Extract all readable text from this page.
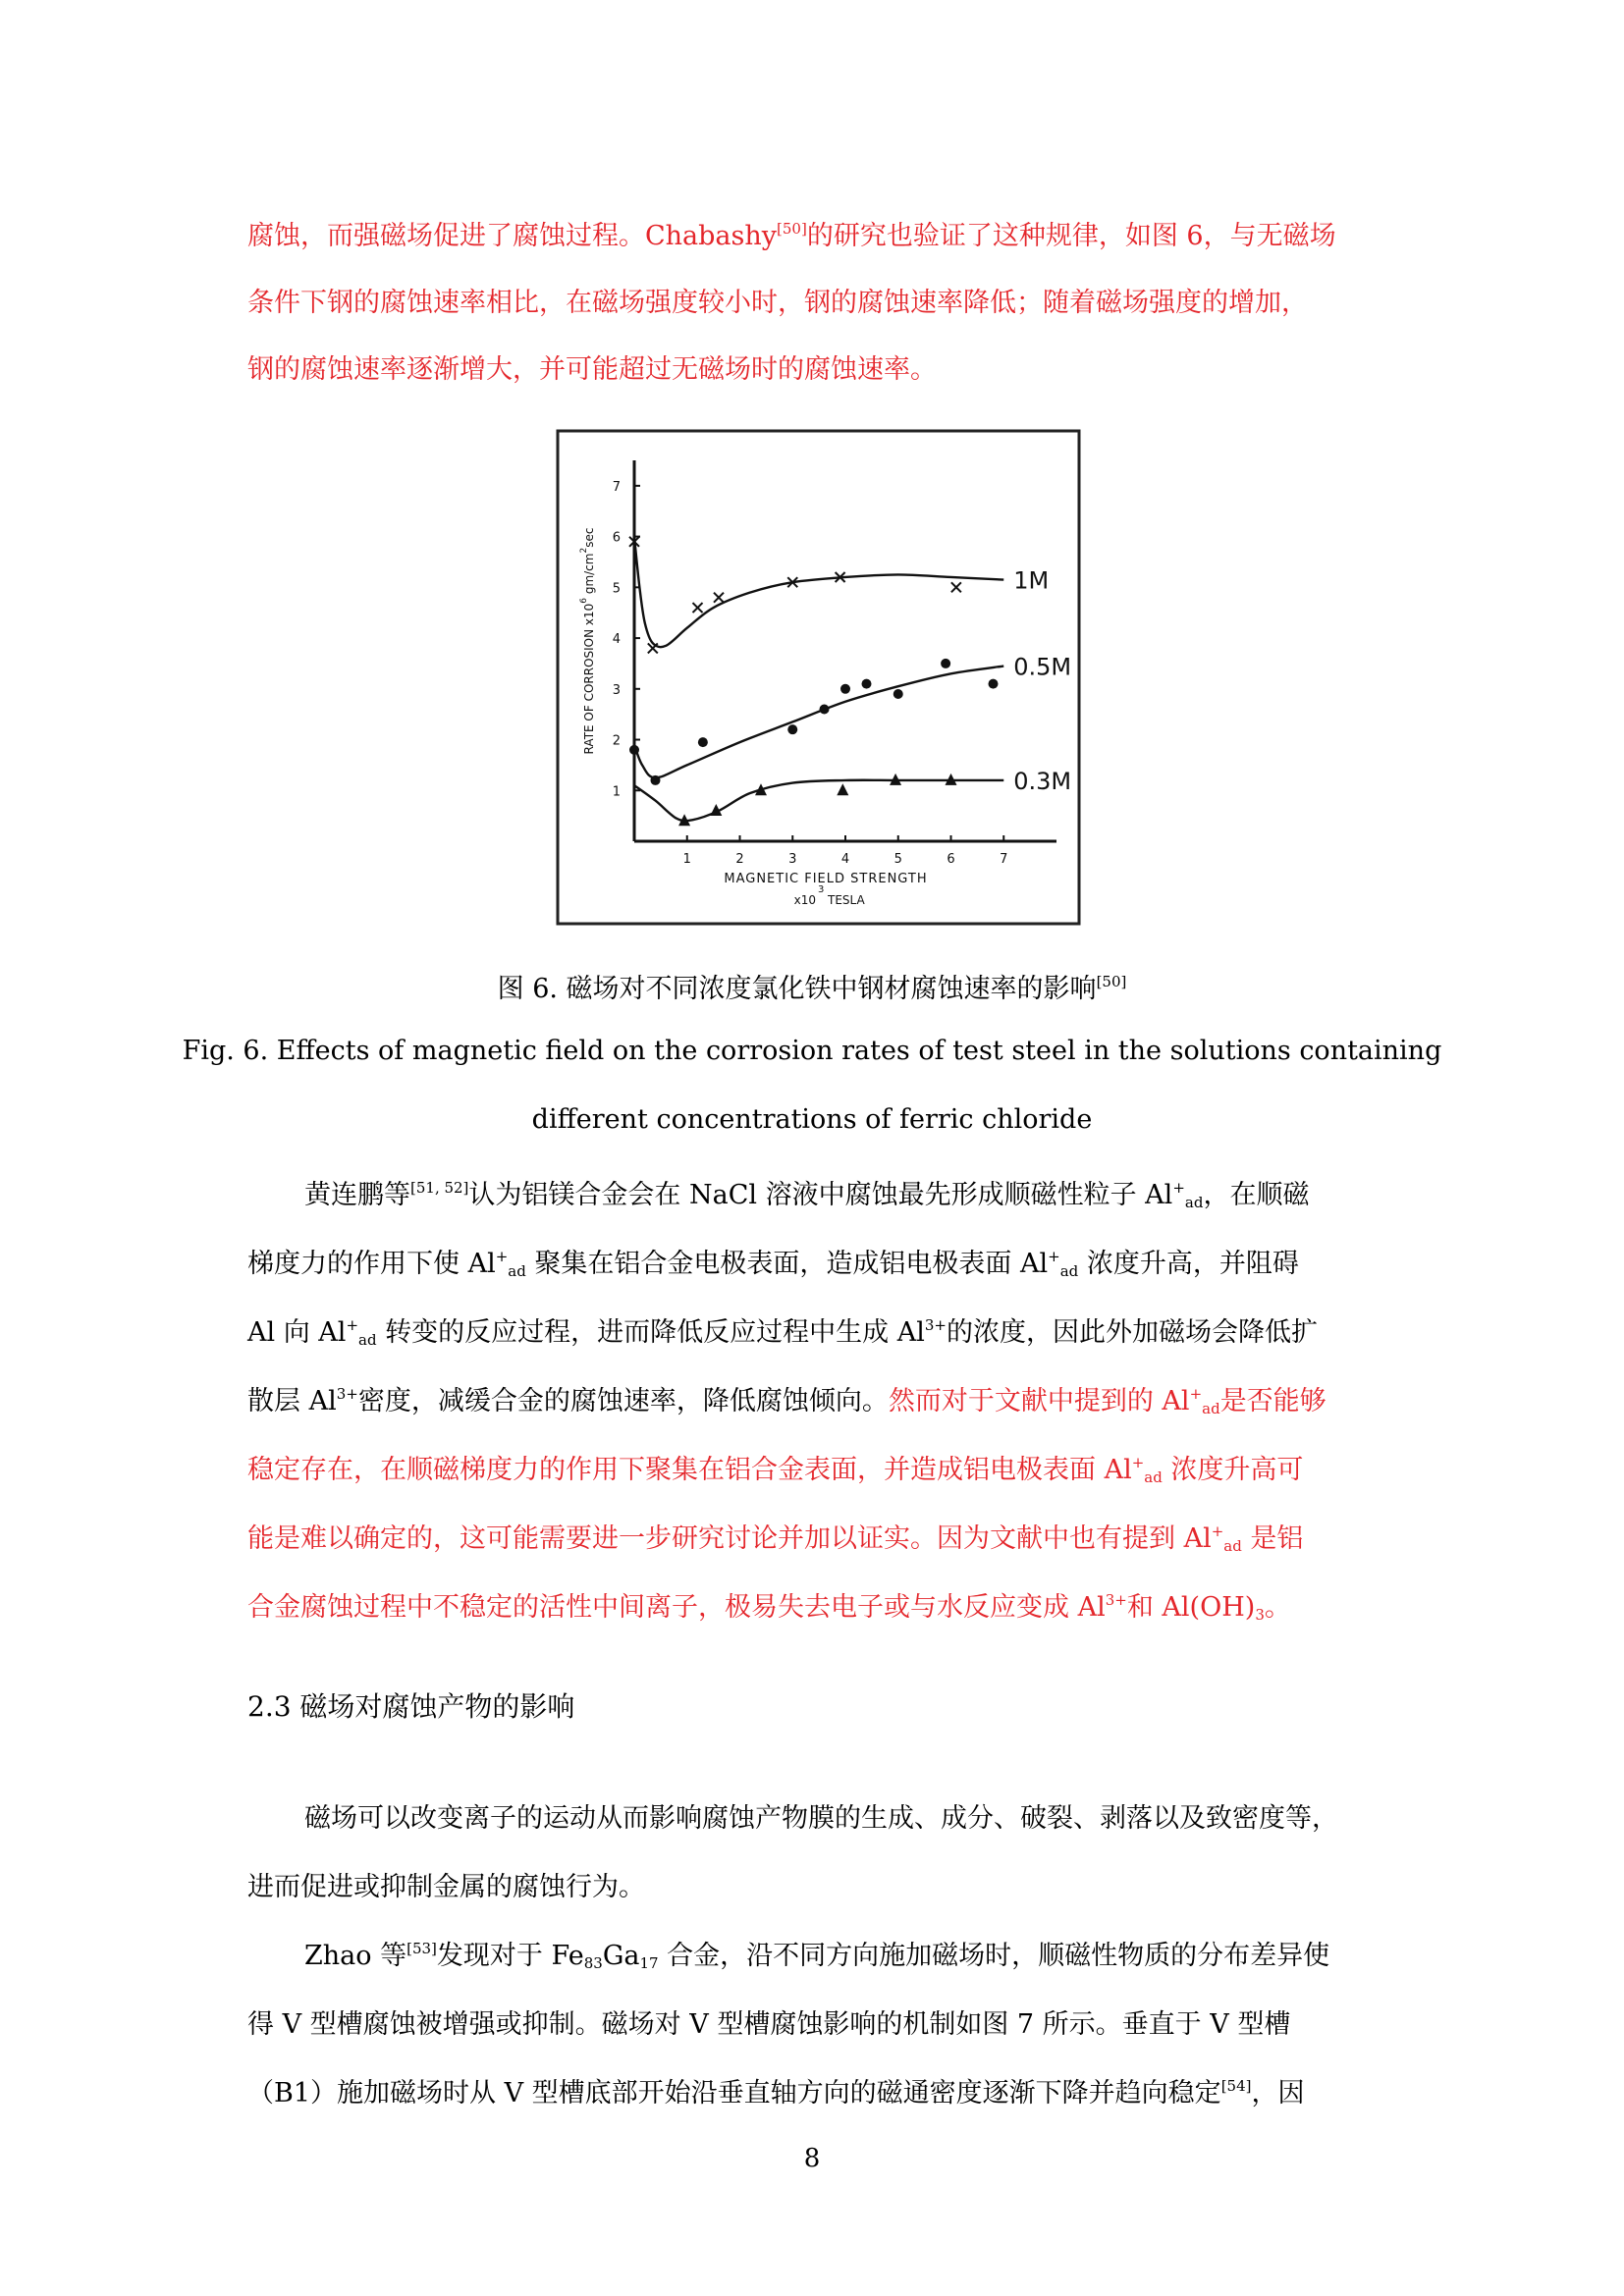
腐蚀，而强磁场促进了腐蚀过程。Chabashy[50]的研究也验证了这种规律，如图 6，与无磁场
条件下钢的腐蚀速率相比，在磁场强度较小时，钢的腐蚀速率降低；随着磁场强度的增加，
钢的腐蚀速率逐渐增大，并可能超过无磁场时的腐蚀速率。
1	2	3	4	5	6	7
1
2
3
4
5
6
7
MAGNETIC FIELD STRENGTH
x10
3
TESLA
RATE OF CORROSION $x10^6$ $gm/cm^2\sec$
1M
0.5M
0.3M
图 6. 磁场对不同浓度氯化铁中钢材腐蚀速率的影响[50]
Fig. 6. Effects of magnetic field on the corrosion rates of test steel in the solutions containing
different concentrations of ferric chloride
黄连鹏等[51, 52]认为铝镁合金会在 NaCl 溶液中腐蚀最先形成顺磁性粒子 $Al^+_{ad}$，在顺磁
梯度力的作用下使 $Al^+_{ad}$ 聚集在铝合金电极表面，造成铝电极表面 $Al^+_{ad}$ 浓度升高，并阻碍
Al 向 $Al^+_{ad}$ 转变的反应过程，进而降低反应过程中生成 $Al^{3+}$的浓度，因此外加磁场会降低扩
散层 $Al^{3+}$密度，减缓合金的腐蚀速率，降低腐蚀倾向。然而对于文献中提到的 $Al^+_{ad}$是否能够
稳定存在，在顺磁梯度力的作用下聚集在铝合金表面，并造成铝电极表面 $Al^+_{ad}$ 浓度升高可
能是难以确定的，这可能需要进一步研究讨论并加以证实。因为文献中也有提到 $Al^+_{ad}$ 是铝
合金腐蚀过程中不稳定的活性中间离子，极易失去电子或与水反应变成 $Al^{3+}$和 $Al(OH)_3$。
2.3 磁场对腐蚀产物的影响
磁场可以改变离子的运动从而影响腐蚀产物膜的生成、成分、破裂、剥落以及致密度等，
进而促进或抑制金属的腐蚀行为。
Zhao 等[53]发现对于 $Fe_{83}Ga_{17}$ 合金，沿不同方向施加磁场时，顺磁性物质的分布差异使
得 V 型槽腐蚀被增强或抑制。磁场对 V 型槽腐蚀影响的机制如图 7 所示。垂直于 V 型槽
（B1）施加磁场时从 V 型槽底部开始沿垂直轴方向的磁通密度逐渐下降并趋向稳定[54]，因
8
